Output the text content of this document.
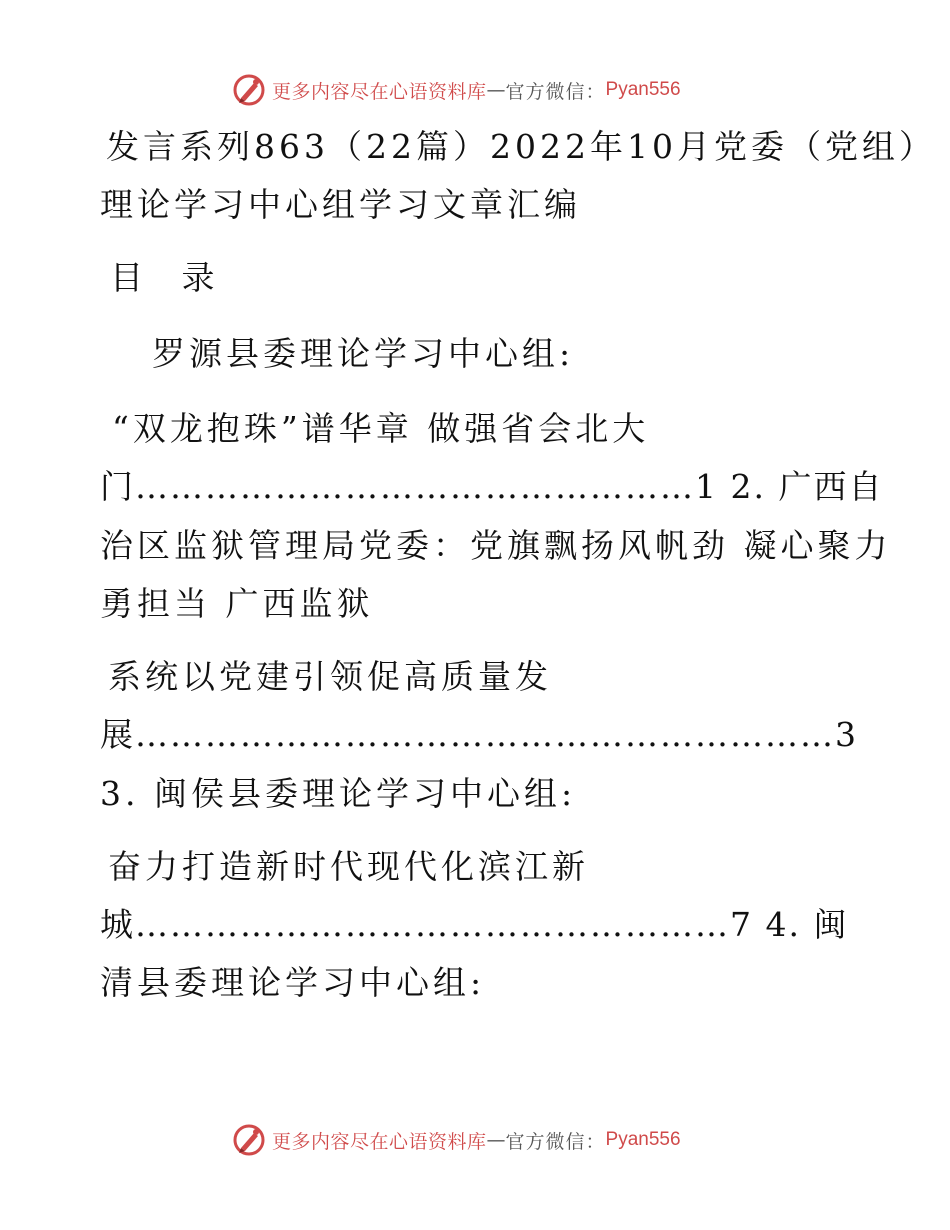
更多内容尽在心语资料库 — 官方微信： Pyan556
发言系列863（22篇）2022年10月党委（党组）
理论学习中心组学习文章汇编
目 录
罗源县委理论学习中心组:
“双龙抱珠”谱华章 做强省会北大
门…………………………………………1 2. 广西自
治区监狱管理局党委：党旗飘扬风帆劲 凝心聚力
勇担当 广西监狱
系统以党建引领促高质量发
展……………………………………………………3
3. 闽侯县委理论学习中心组:
奋力打造新时代现代化滨江新
城……………………………………………7 4. 闽
清县委理论学习中心组:
更多内容尽在心语资料库 — 官方微信： Pyan556
